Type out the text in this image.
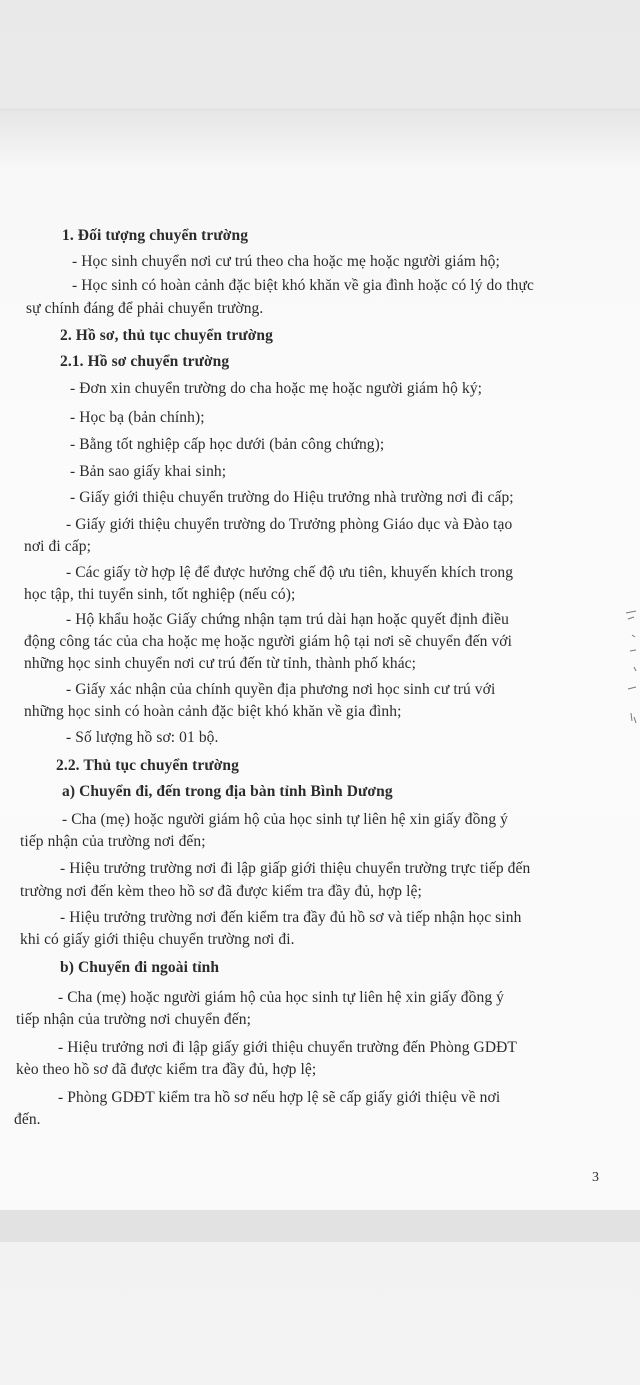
1. Đối tượng chuyển trường
- Học sinh chuyển nơi cư trú theo cha hoặc mẹ hoặc người giám hộ;
- Học sinh có hoàn cảnh đặc biệt khó khăn về gia đình hoặc có lý do thực
sự chính đáng để phải chuyển trường.
2. Hồ sơ, thủ tục chuyển trường
2.1. Hồ sơ chuyển trường
- Đơn xin chuyển trường do cha hoặc mẹ hoặc người giám hộ ký;
- Học bạ (bản chính);
- Bằng tốt nghiệp cấp học dưới (bản công chứng);
- Bản sao giấy khai sinh;
- Giấy giới thiệu chuyển trường do Hiệu trưởng nhà trường nơi đi cấp;
- Giấy giới thiệu chuyển trường do Trưởng phòng Giáo dục và Đào tạo
nơi đi cấp;
- Các giấy tờ hợp lệ để được hưởng chế độ ưu tiên, khuyến khích trong
học tập, thi tuyển sinh, tốt nghiệp (nếu có);
- Hộ khẩu hoặc Giấy chứng nhận tạm trú dài hạn hoặc quyết định điều
động công tác của cha hoặc mẹ hoặc người giám hộ tại nơi sẽ chuyển đến với
những học sinh chuyển nơi cư trú đến từ tỉnh, thành phố khác;
- Giấy xác nhận của chính quyền địa phương nơi học sinh cư trú với
những học sinh có hoàn cảnh đặc biệt khó khăn về gia đình;
- Số lượng hồ sơ: 01 bộ.
2.2. Thủ tục chuyển trường
a) Chuyển đi, đến trong địa bàn tỉnh Bình Dương
- Cha (mẹ) hoặc người giám hộ của học sinh tự liên hệ xin giấy đồng ý
tiếp nhận của trường nơi đến;
- Hiệu trưởng trường nơi đi lập giấp giới thiệu chuyển trường trực tiếp đến
trường nơi đến kèm theo hồ sơ đã được kiểm tra đầy đủ, hợp lệ;
- Hiệu trưởng trường nơi đến kiểm tra đầy đủ hồ sơ và tiếp nhận học sinh
khi có giấy giới thiệu chuyển trường nơi đi.
b) Chuyển đi ngoài tỉnh
- Cha (mẹ) hoặc người giám hộ của học sinh tự liên hệ xin giấy đồng ý
tiếp nhận của trường nơi chuyển đến;
- Hiệu trưởng nơi đi lập giấy giới thiệu chuyển trường đến Phòng GDĐT
kèo theo hồ sơ đã được kiểm tra đầy đủ, hợp lệ;
- Phòng GDĐT kiểm tra hồ sơ nếu hợp lệ sẽ cấp giấy giới thiệu về nơi
đến.
3
